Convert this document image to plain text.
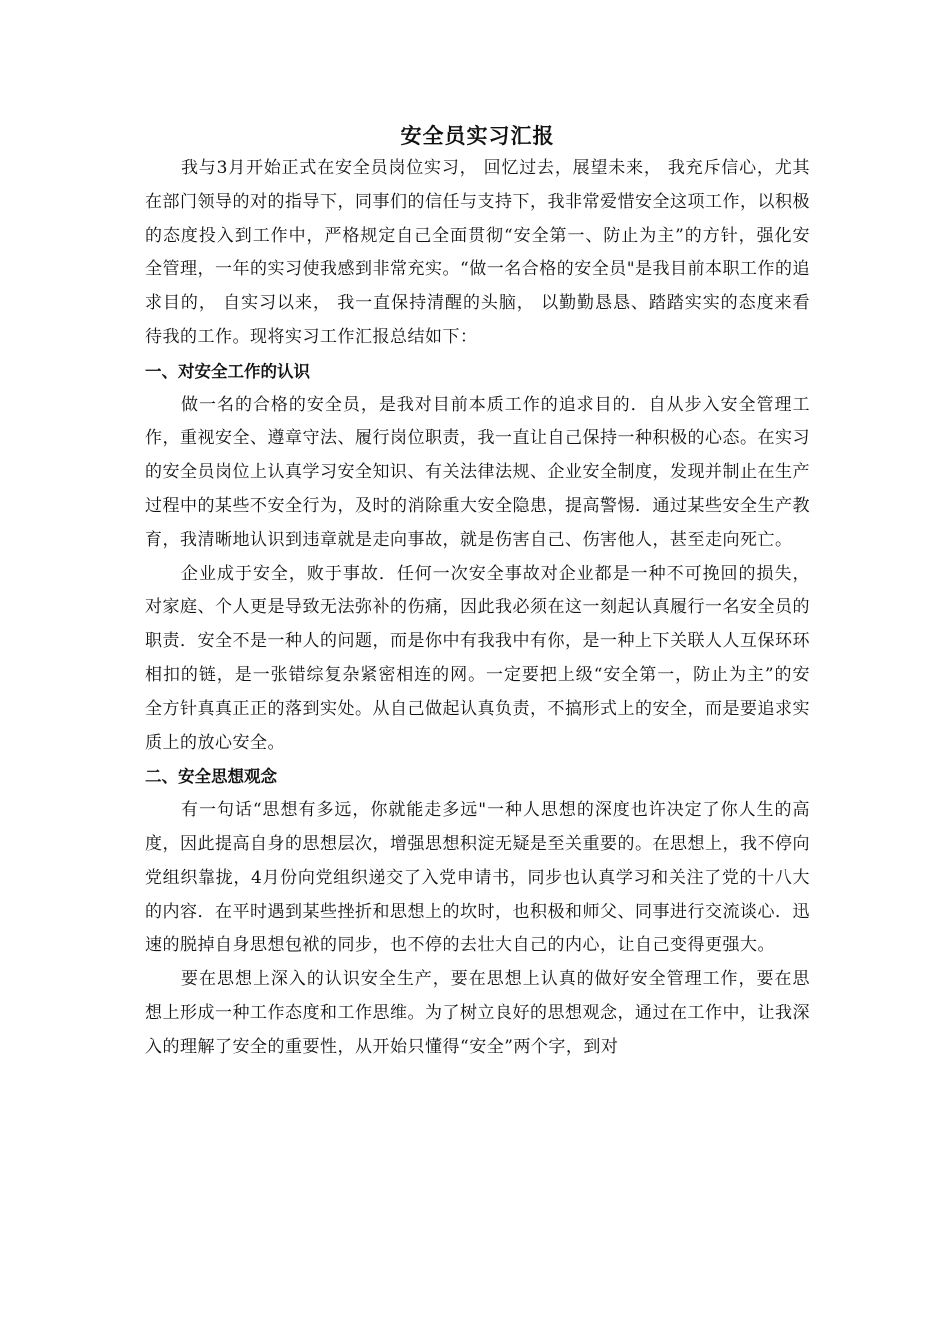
安全员实习汇报

我与3月开始正式在安全员岗位实习， 回忆过去，展望未来， 我充斥信心，尤其在部门领导的对的指导下，同事们的信任与支持下，我非常爱惜安全这项工作，以积极的态度投入到工作中，严格规定自己全面贯彻“安全第一、防止为主”的方针，强化安全管理，一年的实习使我感到非常充实。“做一名合格的安全员"是我目前本职工作的追求目的， 自实习以来， 我一直保持清醒的头脑， 以勤勤恳恳、踏踏实实的态度来看待我的工作。现将实习工作汇报总结如下：

一、对安全工作的认识

做一名的合格的安全员，是我对目前本质工作的追求目的．自从步入安全管理工作，重视安全、遵章守法、履行岗位职责，我一直让自己保持一种积极的心态。在实习的安全员岗位上认真学习安全知识、有关法律法规、企业安全制度，发现并制止在生产过程中的某些不安全行为，及时的消除重大安全隐患，提高警惕．通过某些安全生产教育，我清晰地认识到违章就是走向事故，就是伤害自己、伤害他人，甚至走向死亡。

企业成于安全，败于事故．任何一次安全事故对企业都是一种不可挽回的损失，对家庭、个人更是导致无法弥补的伤痛，因此我必须在这一刻起认真履行一名安全员的职责．安全不是一种人的问题，而是你中有我我中有你，是一种上下关联人人互保环环相扣的链，是一张错综复杂紧密相连的网。一定要把上级“安全第一，防止为主”的安全方针真真正正的落到实处。从自己做起认真负责，不搞形式上的安全，而是要追求实质上的放心安全。

二、安全思想观念

有一句话“思想有多远，你就能走多远"一种人思想的深度也许决定了你人生的高度，因此提高自身的思想层次，增强思想积淀无疑是至关重要的。在思想上，我不停向党组织靠拢，4月份向党组织递交了入党申请书，同步也认真学习和关注了党的十八大的内容．在平时遇到某些挫折和思想上的坎时，也积极和师父、同事进行交流谈心．迅速的脱掉自身思想包袱的同步，也不停的去壮大自己的内心，让自己变得更强大。

要在思想上深入的认识安全生产，要在思想上认真的做好安全管理工作，要在思想上形成一种工作态度和工作思维。为了树立良好的思想观念，通过在工作中，让我深入的理解了安全的重要性，从开始只懂得“安全”两个字，到对
